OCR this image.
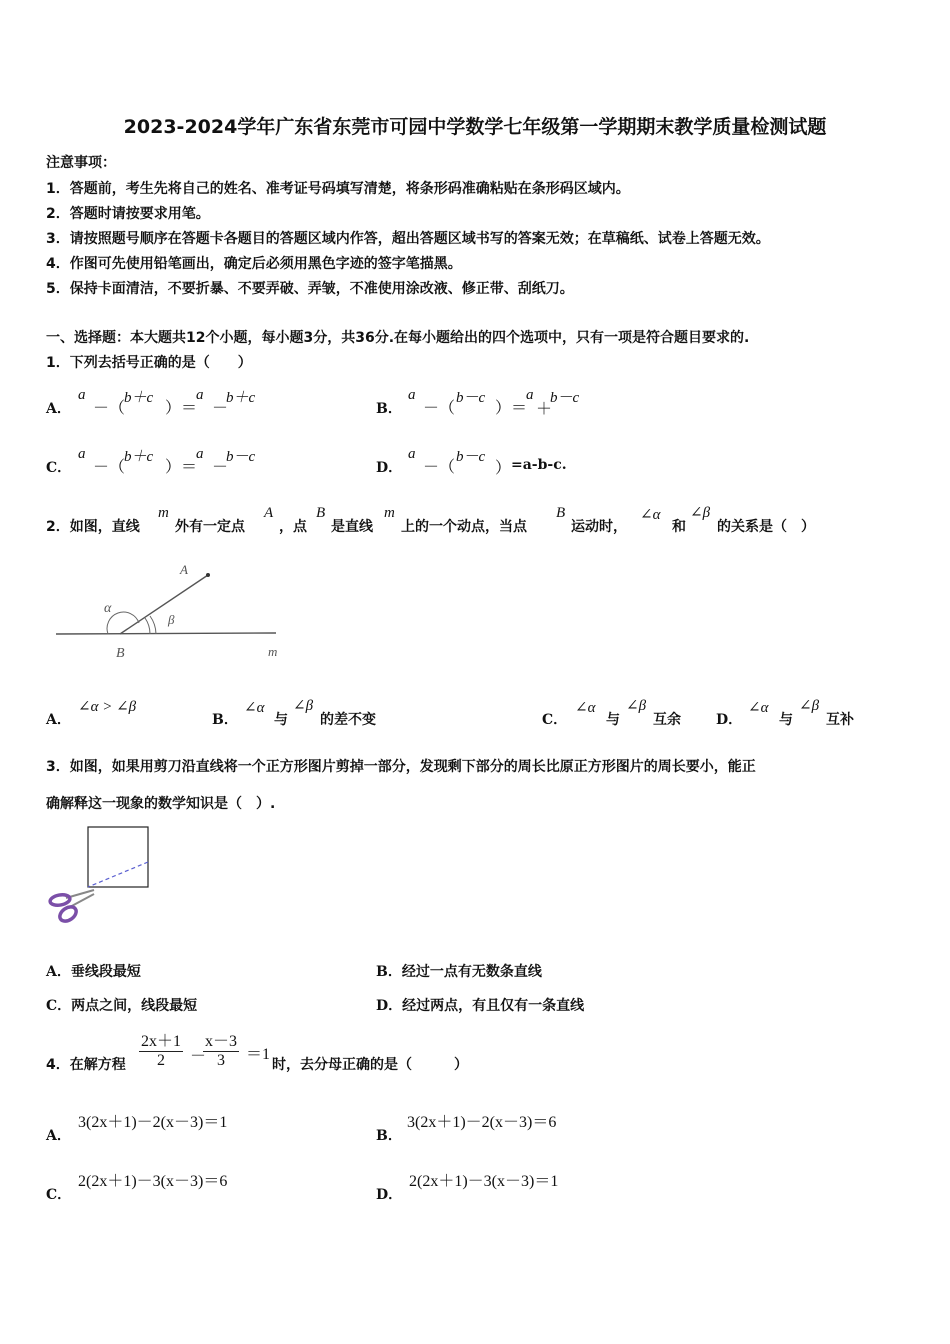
2023-2024学年广东省东莞市可园中学数学七年级第一学期期末教学质量检测试题
注意事项：
1．答题前，考生先将自己的姓名、准考证号码填写清楚，将条形码准确粘贴在条形码区域内。
2．答题时请按要求用笔。
3．请按照题号顺序在答题卡各题目的答题区域内作答，超出答题区域书写的答案无效；在草稿纸、试卷上答题无效。
4．作图可先使用铅笔画出，确定后必须用黑色字迹的签字笔描黑。
5．保持卡面清洁，不要折暴、不要弄破、弄皱，不准使用涂改液、修正带、刮纸刀。
一、选择题：本大题共12个小题，每小题3分，共36分.在每小题给出的四个选项中，只有一项是符合题目要求的.
1．下列去括号正确的是（　　）
A．
a
－（
b＋c
）＝
a
－
b＋c
B．
a
－（
b－c
）＝
a
＋
b－c
C．
a
－（
b＋c
）＝
a
－
b－c
D．
a
－（
b－c
） =a-b-c.
2．如图，直线
m
外有一定点
A
，点
B
是直线
m
上的一个动点，当点
B
运动时，
∠α
和
∠β
的关系是（　）
A
B
α
β
m
A．
∠α > ∠β
B．
∠α
与
∠β
的差不变	C．
∠α
与
∠β
互余	D．
∠α
与
∠β
互补
3．如图，如果用剪刀沿直线将一个正方形图片剪掉一部分，发现剩下部分的周长比原正方形图片的周长要小，能正
确解释这一现象的数学知识是（　）.
A．垂线段最短	B．经过一点有无数条直线
C．两点之间，线段最短	D．经过两点，有且仅有一条直线
4．在解方程 $\frac{2x+1}{2}$ －
$\frac{x-3}{3} =1$
时，去分母正确的是（　　　）
A．
3(2x＋1)－2(x－3)＝1
B．
3(2x＋1)－2(x－3)＝6
C．
2(2x＋1)－3(x－3)＝6
D．
2(2x＋1)－3(x－3)＝1
